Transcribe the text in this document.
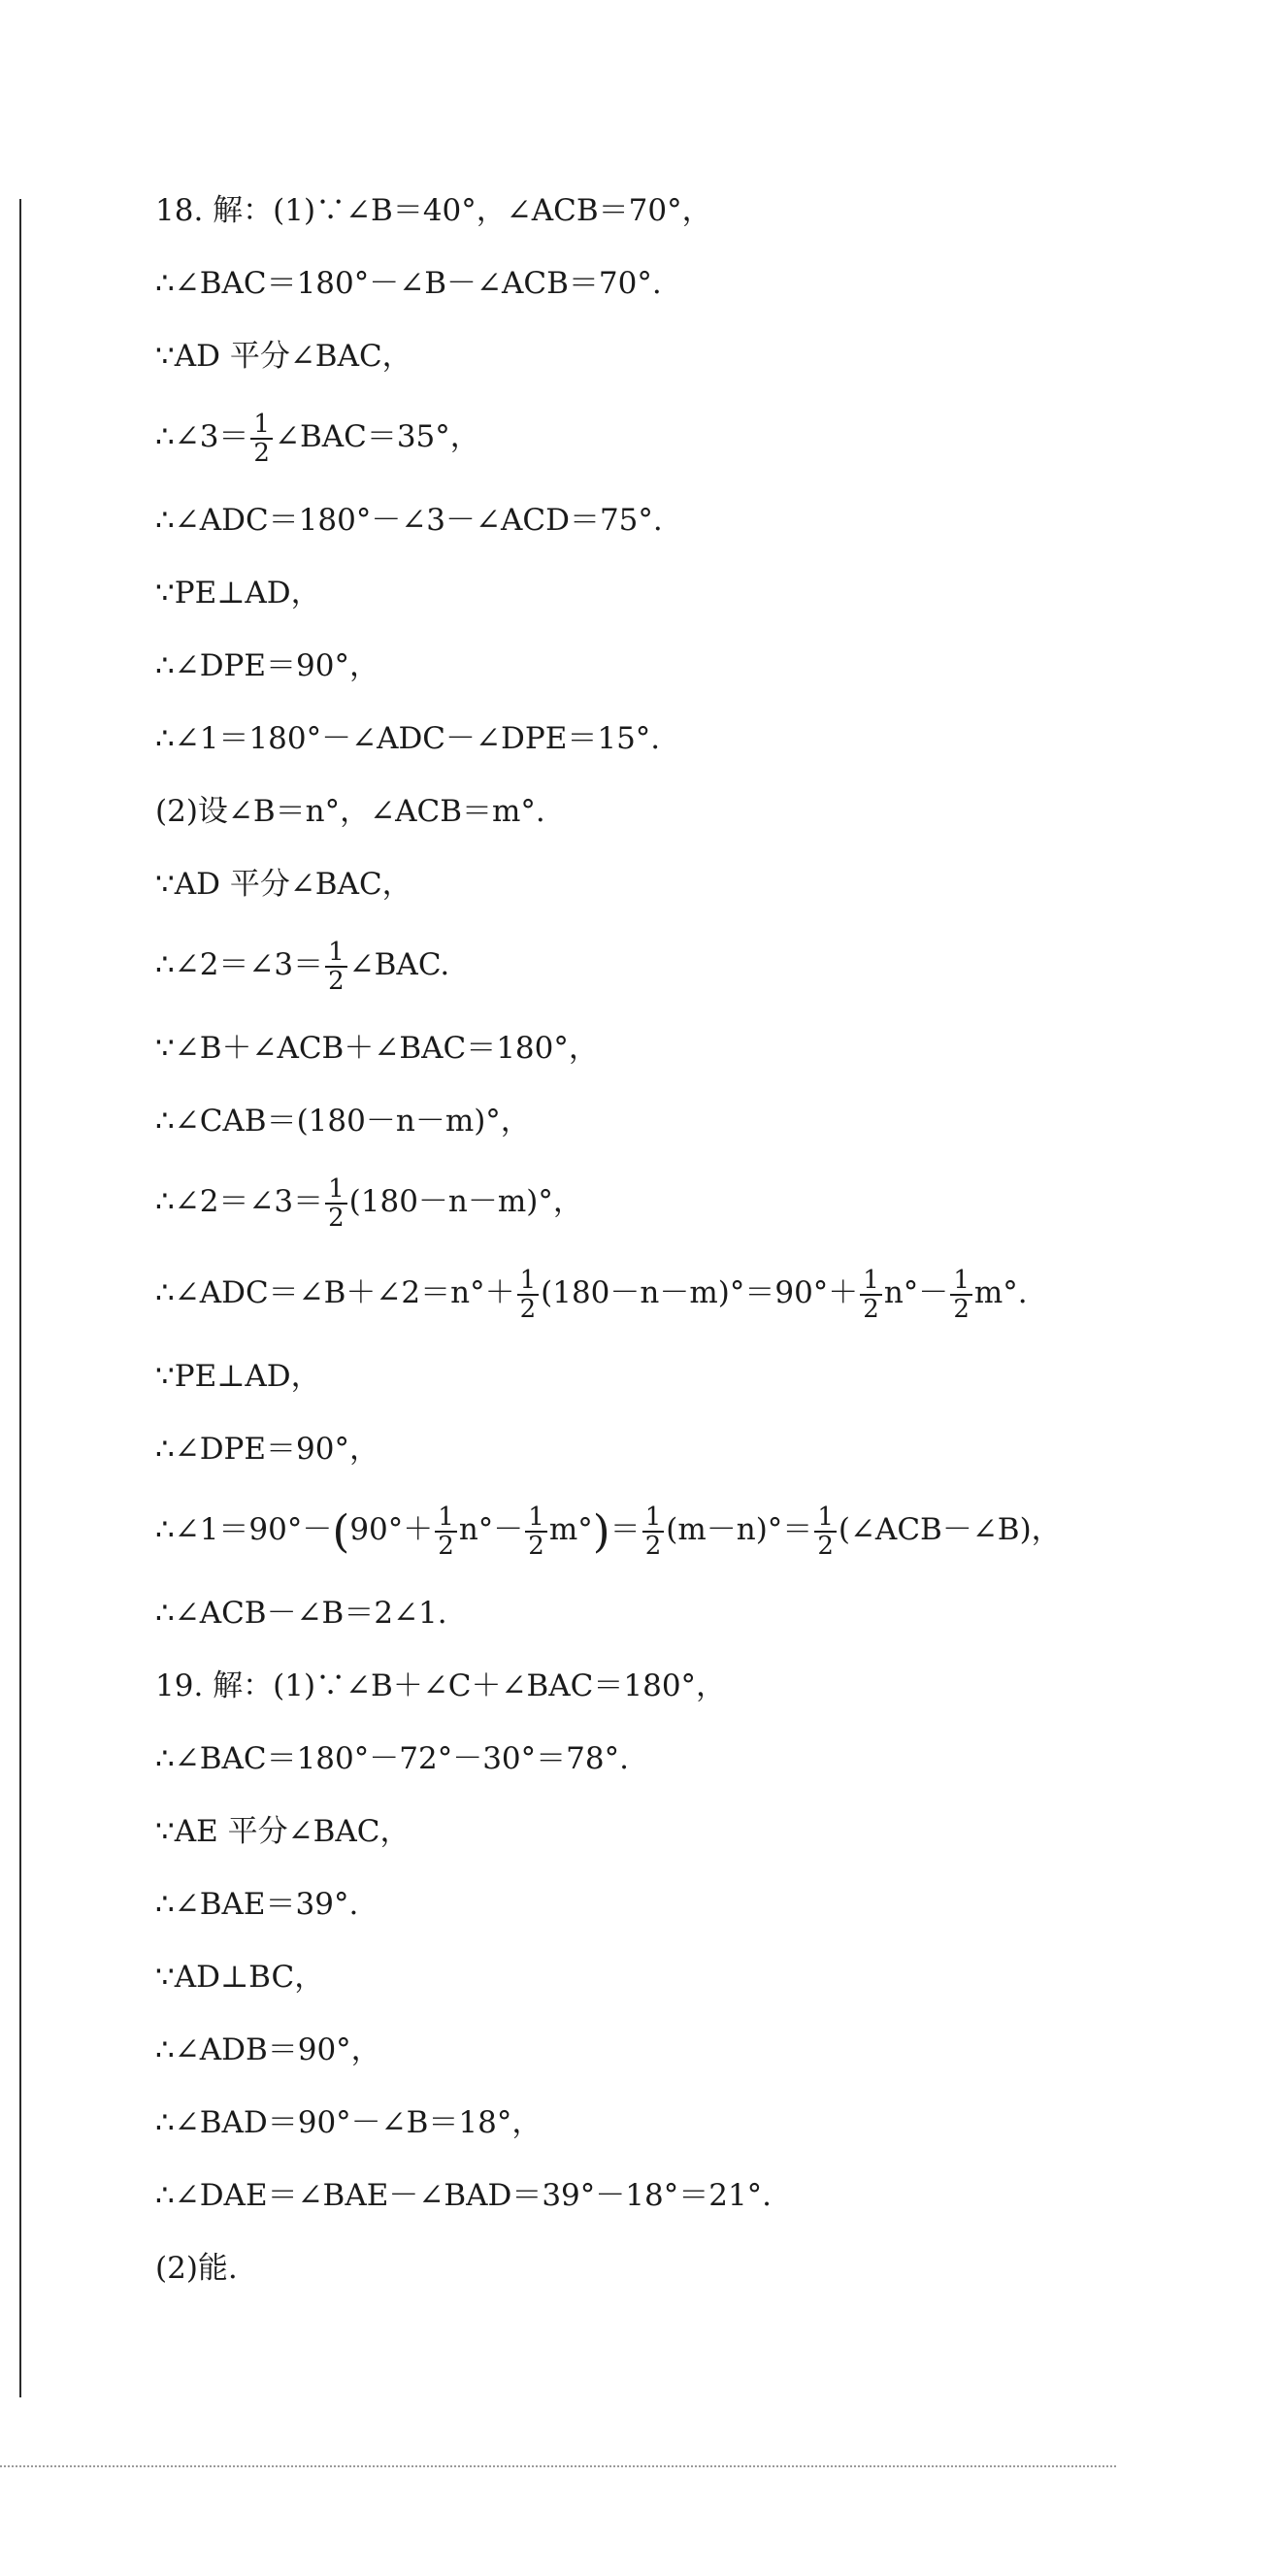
18. 解：(1)∵∠B＝40°，∠ACB＝70°，
∴∠BAC＝180°－∠B－∠ACB＝70°.
∵AD 平分∠BAC，
∴∠3＝ $\frac{1}{2}$ ∠BAC＝35°，
∴∠ADC＝180°－∠3－∠ACD＝75°.
∵PE⊥AD，
∴∠DPE＝90°，
∴∠1＝180°－∠ADC－∠DPE＝15°.
(2)设∠B＝n°，∠ACB＝m°.
∵AD 平分∠BAC，
∴∠2＝∠3＝ $\frac{1}{2}$ ∠BAC.
∵∠B＋∠ACB＋∠BAC＝180°，
∴∠CAB＝(180－n－m)°，
∴∠2＝∠3＝ $\frac{1}{2} (180-n-m)^\circ$，
∴∠ADC＝∠B＋∠2＝n°＋ $\frac{1}{2} (180-n-m)^\circ=90^\circ+ \frac{1}{2} n^\circ- \frac{1}{2} m^\circ$.
∵PE⊥AD，
∴∠DPE＝90°，
∴∠1＝90°－(90°＋ $\frac{1}{2} n^\circ- \frac{1}{2} m^\circ)= \frac{1}{2} (m-n)^\circ= \frac{1}{2}$ (∠ACB－∠B)，
∴∠ACB－∠B＝2∠1.
19. 解：(1)∵∠B＋∠C＋∠BAC＝180°，
∴∠BAC＝180°－72°－30°＝78°.
∵AE 平分∠BAC，
∴∠BAE＝39°.
∵AD⊥BC，
∴∠ADB＝90°，
∴∠BAD＝90°－∠B＝18°，
∴∠DAE＝∠BAE－∠BAD＝39°－18°＝21°.
(2)能.
